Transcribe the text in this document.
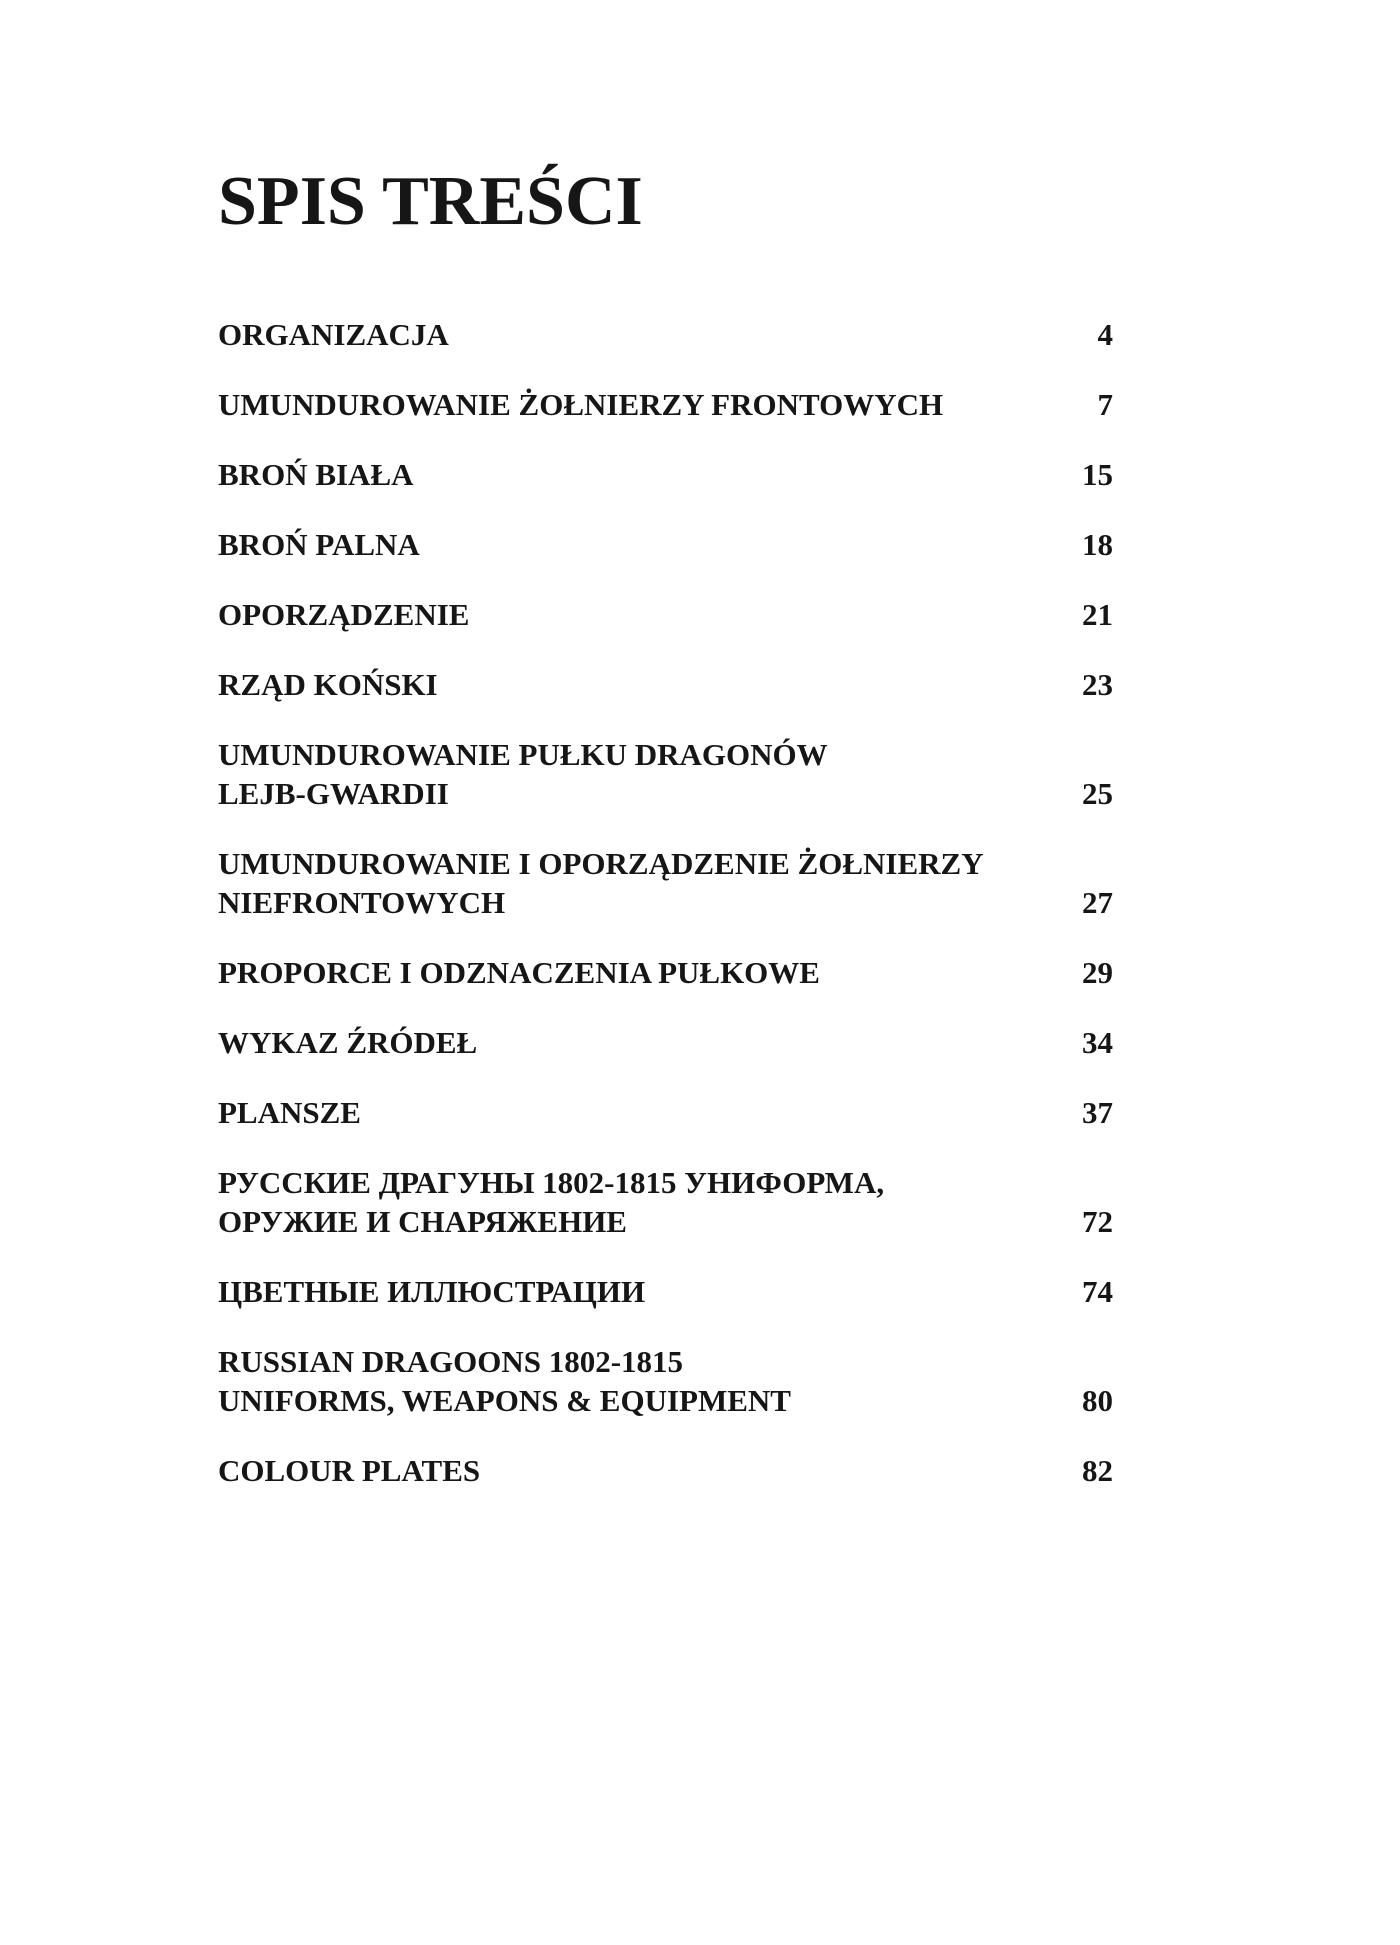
SPIS TREŚCI
ORGANIZACJA	4
UMUNDUROWANIE ŻOŁNIERZY FRONTOWYCH	7
BROŃ BIAŁA	15
BROŃ PALNA	18
OPORZĄDZENIE	21
RZĄD KOŃSKI	23
UMUNDUROWANIE PUŁKU DRAGONÓW
LEJB-GWARDII	25
UMUNDUROWANIE I OPORZĄDZENIE ŻOŁNIERZY
NIEFRONTOWYCH	27
PROPORCE I ODZNACZENIA PUŁKOWE	29
WYKAZ ŹRÓDEŁ	34
PLANSZE	37
РУССКИЕ ДРАГУНЫ 1802-1815 УНИФОРМА,
ОРУЖИЕ И СНАРЯЖЕНИЕ	72
ЦВЕТНЫЕ ИЛЛЮСТРАЦИИ	74
RUSSIAN DRAGOONS 1802-1815
UNIFORMS, WEAPONS & EQUIPMENT	80
COLOUR PLATES	82
